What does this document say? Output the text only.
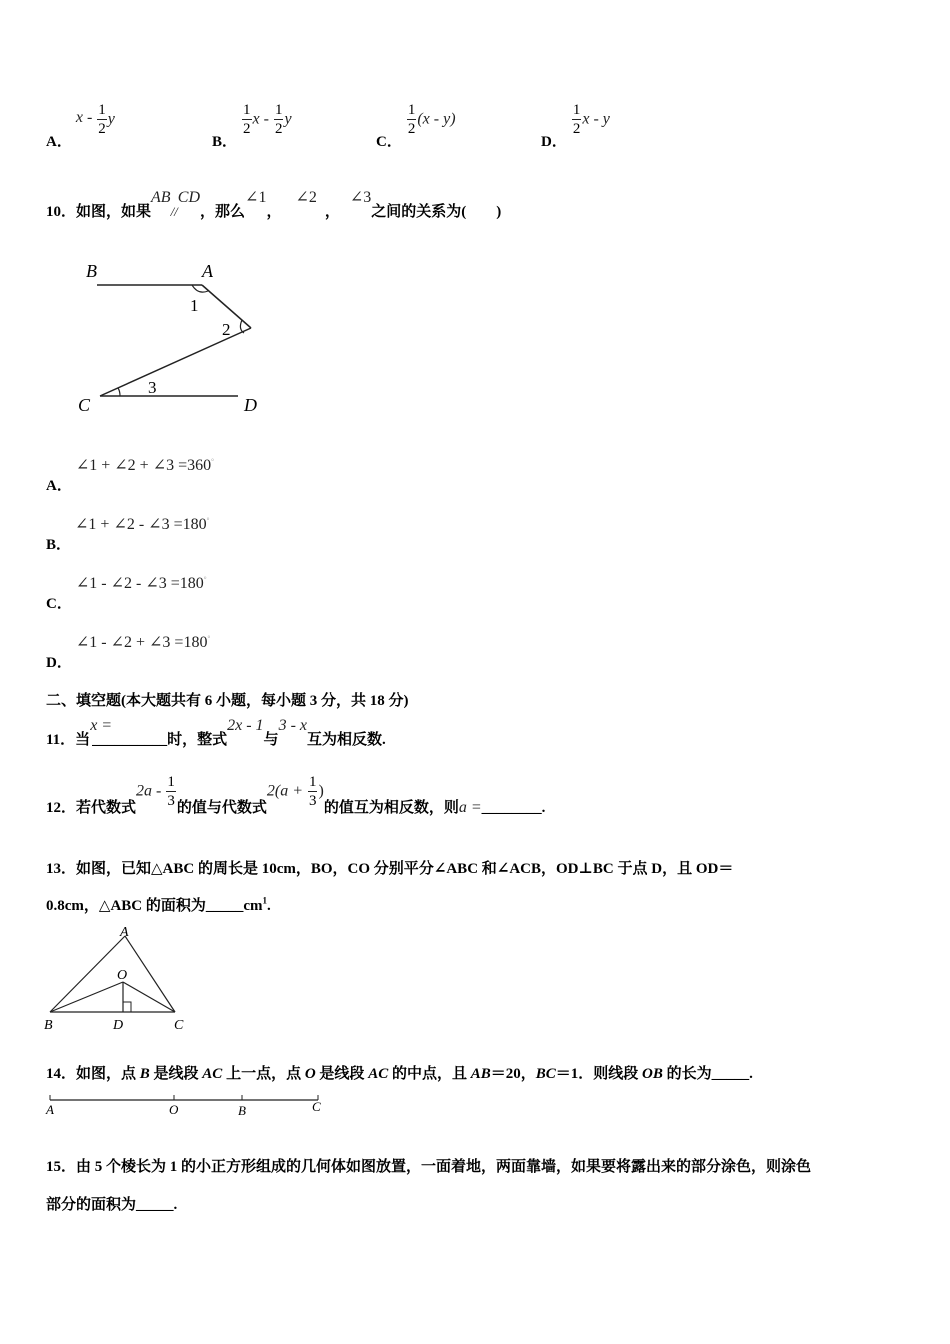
A． x - $\frac{1}{2}$ y
B．
$\frac{1}{2}$ x - $\frac{1}{2}$ y
C．
$\frac{1}{2} (x - y)$
D．
$\frac{1}{2}$ x - y
10．如图，如果$AB_{//}CD$，那么∠1，∠2，∠3之间的关系为(　　)
B	A
C	D
1
2
3
A．∠1 + ∠2 + ∠3 =360°
B．∠1 + ∠2 - ∠3 =180°
C．∠1 - ∠2 - ∠3 =180°
D．∠1 - ∠2 + ∠3 =180°
二、填空题(本大题共有 6 小题，每小题 3 分，共 18 分)
11．当x =__________时，整式2x - 1与3 - x互为相反数.
12．若代数式$2a - \frac{1}{3}$ 的值与代数式$2(a + \frac{1}{3}$ )的值互为相反数，则a =________.
13．如图，已知△ABC 的周长是 10cm，BO，CO 分别平分∠ABC 和∠ACB，OD⊥BC 于点 D，且 OD＝
0.8cm，△ABC 的面积为$\_\_\_\_\_cm^1$.
A
O
B	D	C
14．如图，点 B 是线段 AC 上一点，点 O 是线段 AC 的中点，且 AB＝20，BC＝1．则线段 OB 的长为_____.
A	O	B	C
15．由 5 个棱长为 1 的小正方形组成的几何体如图放置，一面着地，两面靠墙，如果要将露出来的部分涂色，则涂色
部分的面积为_____.
